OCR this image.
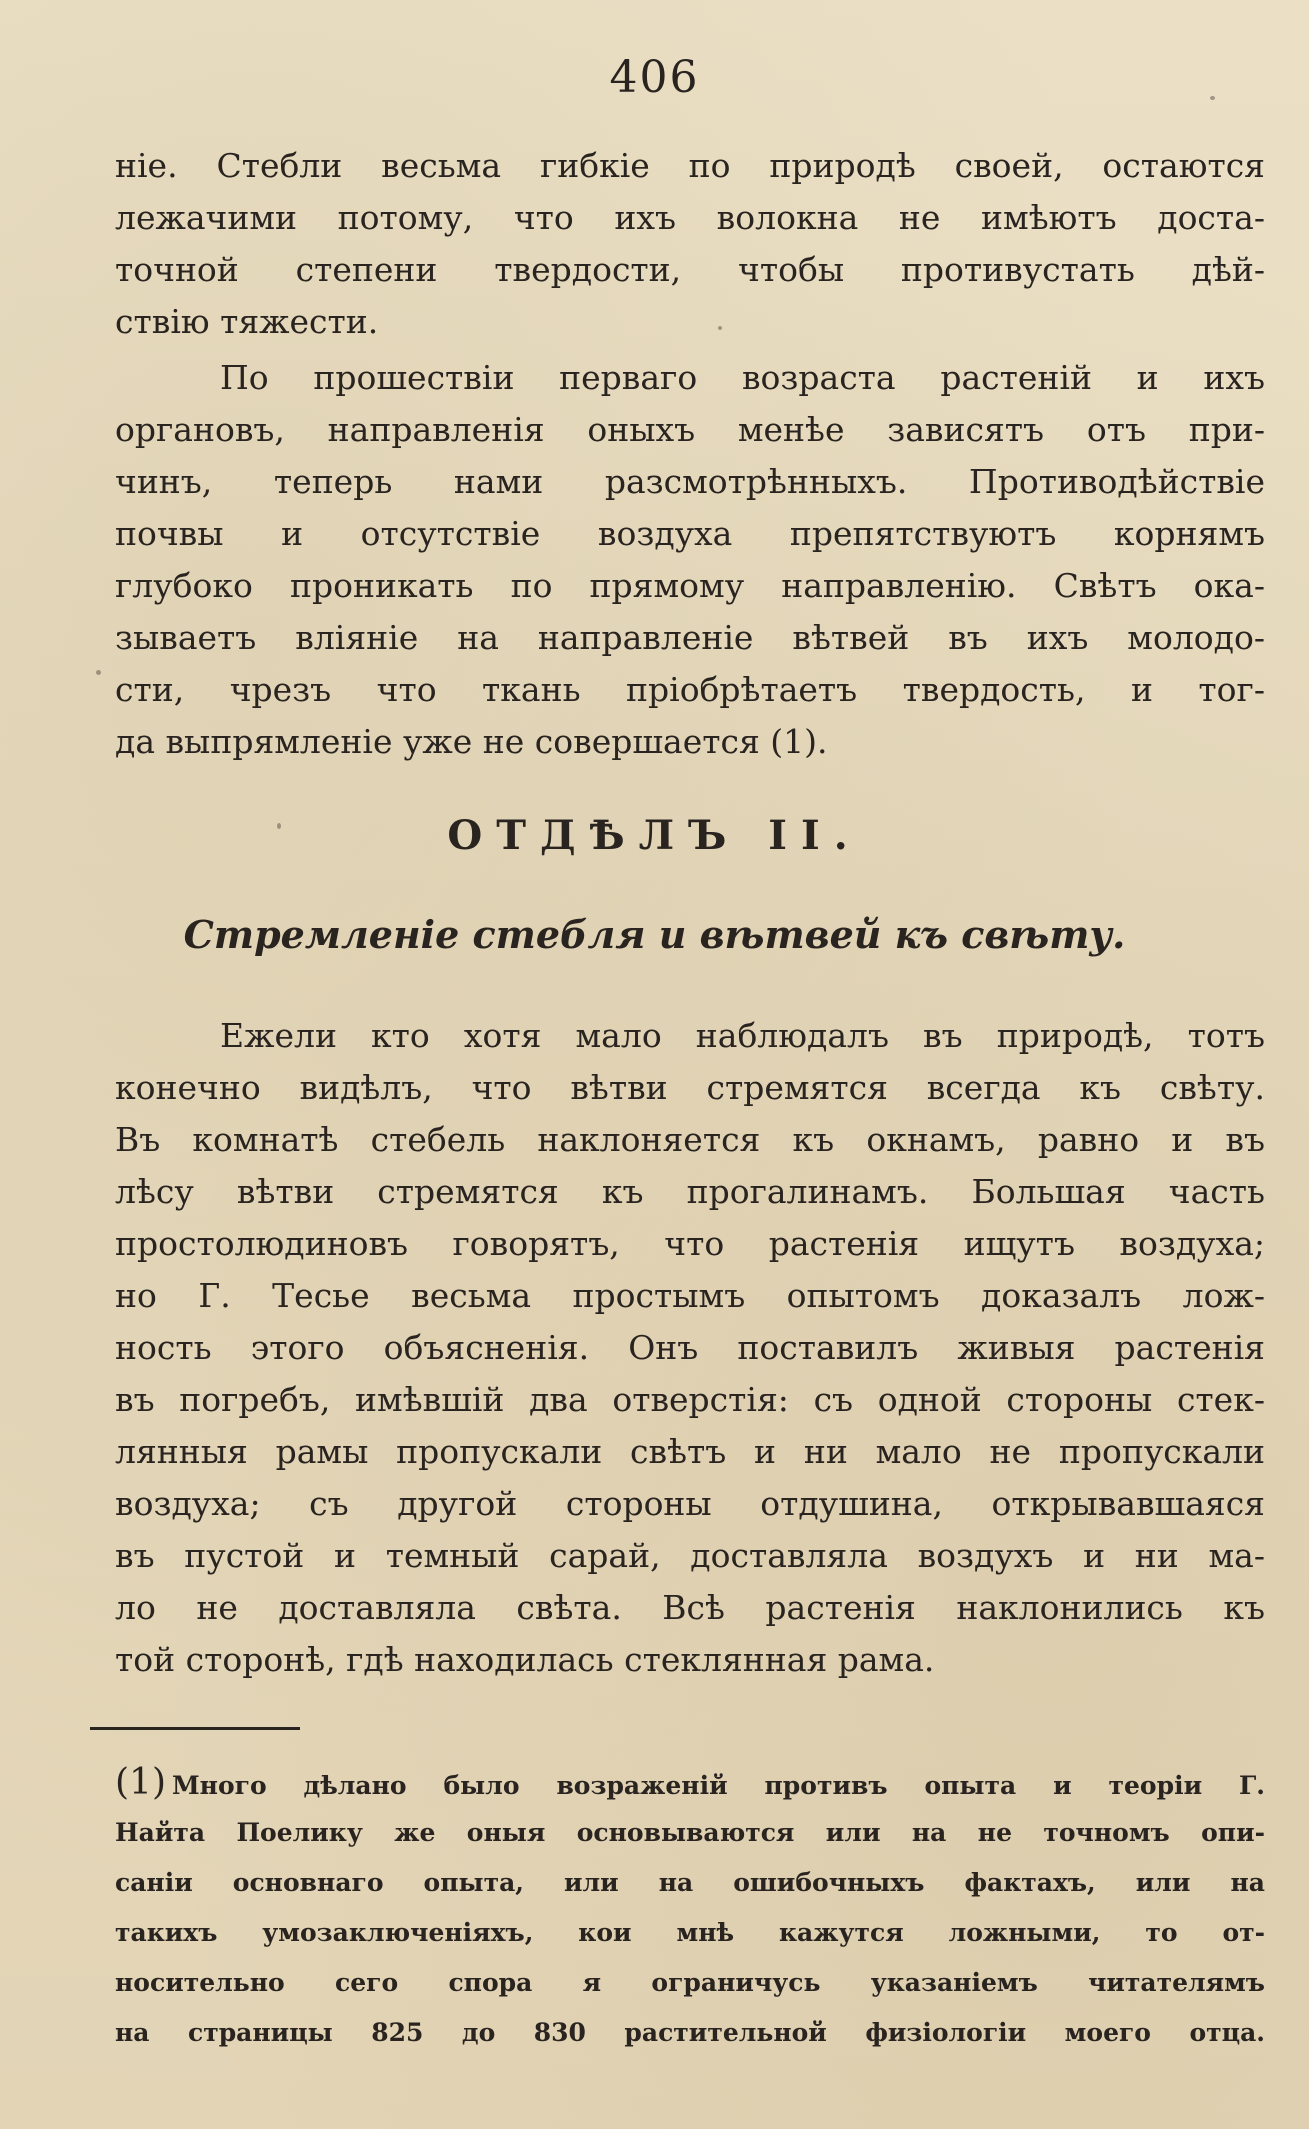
406
ніе. Стебли весьма гибкіе по природѣ своей, остаются
лежачими потому, что ихъ волокна не имѣютъ доста-
точной степени твердости, чтобы противустать дѣй-
ствію тяжести.
По прошествіи перваго возраста растеній и ихъ
органовъ, направленія оныхъ менѣе зависятъ отъ при-
чинъ, теперь нами разсмотрѣнныхъ. Противодѣйствіе
почвы и отсутствіе воздуха препятствуютъ корнямъ
глубоко проникать по прямому направленію. Свѣтъ ока-
зываетъ вліяніе на направленіе вѣтвей въ ихъ молодо-
сти, чрезъ что ткань пріобрѣтаетъ твердость, и тог-
да выпрямленіе уже не совершается (1).
ОТДѢЛЪ II.
Стремленіе стебля и вѣтвей къ свѣту.
Ежели кто хотя мало наблюдалъ въ природѣ, тотъ
конечно видѣлъ, что вѣтви стремятся всегда къ свѣту.
Въ комнатѣ стебель наклоняется къ окнамъ, равно и въ
лѣсу вѣтви стремятся къ прогалинамъ. Большая часть
простолюдиновъ говорятъ, что растенія ищутъ воздуха;
но Г. Тесье весьма простымъ опытомъ доказалъ лож-
ность этого объясненія. Онъ поставилъ живыя растенія
въ погребъ, имѣвшій два отверстія: съ одной стороны стек-
лянныя рамы пропускали свѣтъ и ни мало не пропускали
воздуха; съ другой стороны отдушина, открывавшаяся
въ пустой и темный сарай, доставляла воздухъ и ни ма-
ло не доставляла свѣта. Всѣ растенія наклонились къ
той сторонѣ, гдѣ находилась стеклянная рама.
(1) Много дѣлано было возраженій противъ опыта и теоріи Г.
Найта Поелику же оныя основываются или на не точномъ опи-
саніи основнаго опыта, или на ошибочныхъ фактахъ, или на
такихъ умозаключеніяхъ, кои мнѣ кажутся ложными, то от-
носительно сего спора я ограничусь указаніемъ читателямъ
на страницы 825 до 830 растительной физіологіи моего отца.
